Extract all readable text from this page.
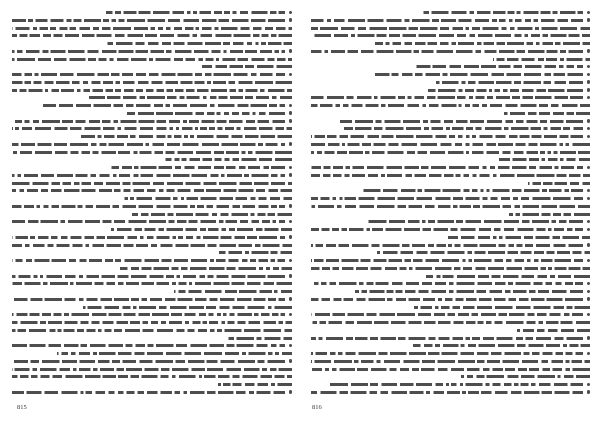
815	816
